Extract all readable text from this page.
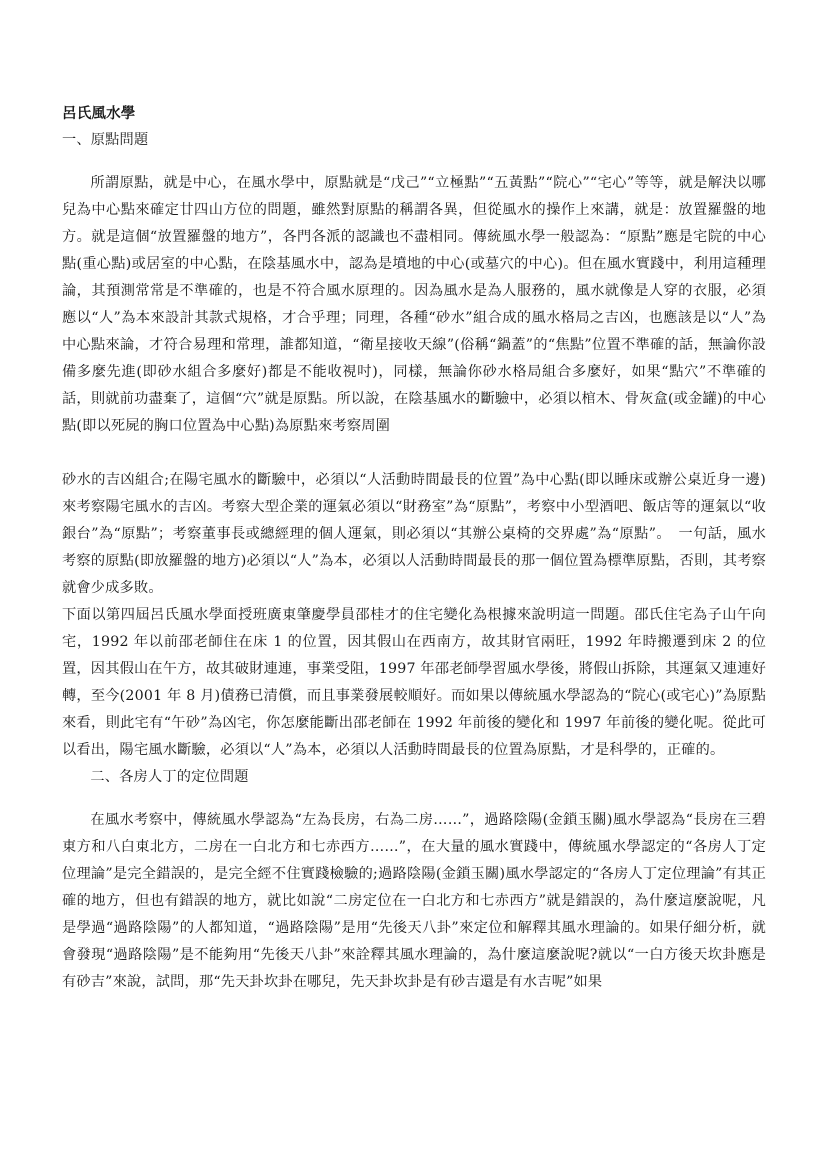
呂氏風水學

一、原點問題

所謂原點，就是中心，在風水學中，原點就是“戊己”“立極點”“五黃點”“院心”“宅心”等等，就是解決以哪兒為中心點來確定廿四山方位的問題，雖然對原點的稱謂各異，但從風水的操作上來講，就是：放置羅盤的地方。就是這個“放置羅盤的地方”，各門各派的認識也不盡相同。傳統風水學一般認為：“原點”應是宅院的中心點(重心點)或居室的中心點，在陰基風水中，認為是墳地的中心(或墓穴的中心)。但在風水實踐中，利用這種理論，其預測常常是不準確的，也是不符合風水原理的。因為風水是為人服務的，風水就像是人穿的衣服，必須應以“人”為本來設計其款式規格，才合乎理；同理，各種“砂水”組合成的風水格局之吉凶，也應該是以“人”為中心點來論，才符合易理和常理，誰都知道，“衛星接收天線”(俗稱“鍋蓋”的“焦點”位置不準確的話，無論你設備多麼先進(即砂水組合多麼好)都是不能收視吋)，同樣，無論你砂水格局組合多麼好，如果“點穴”不準確的話，則就前功盡棄了，這個“穴”就是原點。所以說，在陰基風水的斷驗中，必須以棺木、骨灰盒(或金罐)的中心點(即以死屍的胸口位置為中心點)為原點來考察周圍

砂水的吉凶組合;在陽宅風水的斷驗中，必須以“人活動時間最長的位置”為中心點(即以睡床或辦公桌近身一邊)來考察陽宅風水的吉凶。考察大型企業的運氣必須以“財務室”為“原點”，考察中小型酒吧、飯店等的運氣以“收銀台”為“原點”；考察董事長或總經理的個人運氣，則必須以“其辦公桌椅的交界處”為“原點”。　一句話，風水考察的原點(即放羅盤的地方)必須以“人”為本，必須以人活動時間最長的那一個位置為標準原點，否則，其考察就會少成多敗。

下面以第四屆呂氏風水學面授班廣東肇慶學員邵桂才的住宅變化為根據來說明這一問題。邵氏住宅為子山午向宅，1992 年以前邵老師住在床 1 的位置，因其假山在西南方，故其財官兩旺，1992 年時搬遷到床 2 的位置，因其假山在午方，故其破財連連，事業受阻，1997 年邵老師學習風水學後，將假山拆除，其運氣又連連好轉，至今(2001 年 8 月)債務已清償，而且事業發展較順好。而如果以傳統風水學認為的“院心(或宅心)”為原點來看，則此宅有“午砂”為凶宅，你怎麼能斷出邵老師在 1992 年前後的變化和 1997 年前後的變化呢。從此可以看出，陽宅風水斷驗，必須以“人”為本，必須以人活動時間最長的位置為原點，才是科學的，正確的。

二、各房人丁的定位問題

在風水考察中，傳統風水學認為“左為長房，右為二房……”，過路陰陽(金鎖玉關)風水學認為“長房在三碧東方和八白東北方，二房在一白北方和七赤西方……”，在大量的風水實踐中，傳統風水學認定的“各房人丁定位理論”是完全錯誤的，是完全經不住實踐檢驗的;過路陰陽(金鎖玉關)風水學認定的“各房人丁定位理論”有其正確的地方，但也有錯誤的地方，就比如說“二房定位在一白北方和七赤西方”就是錯誤的，為什麼這麼說呢，凡是學過“過路陰陽”的人都知道，“過路陰陽”是用“先後天八卦”來定位和解釋其風水理論的。如果仔細分析，就會發現“過路陰陽”是不能夠用“先後天八卦”來詮釋其風水理論的，為什麼這麼說呢?就以“一白方後天坎卦應是有砂吉”來說，試問，那“先天卦坎卦在哪兒，先天卦坎卦是有砂吉還是有水吉呢”如果
